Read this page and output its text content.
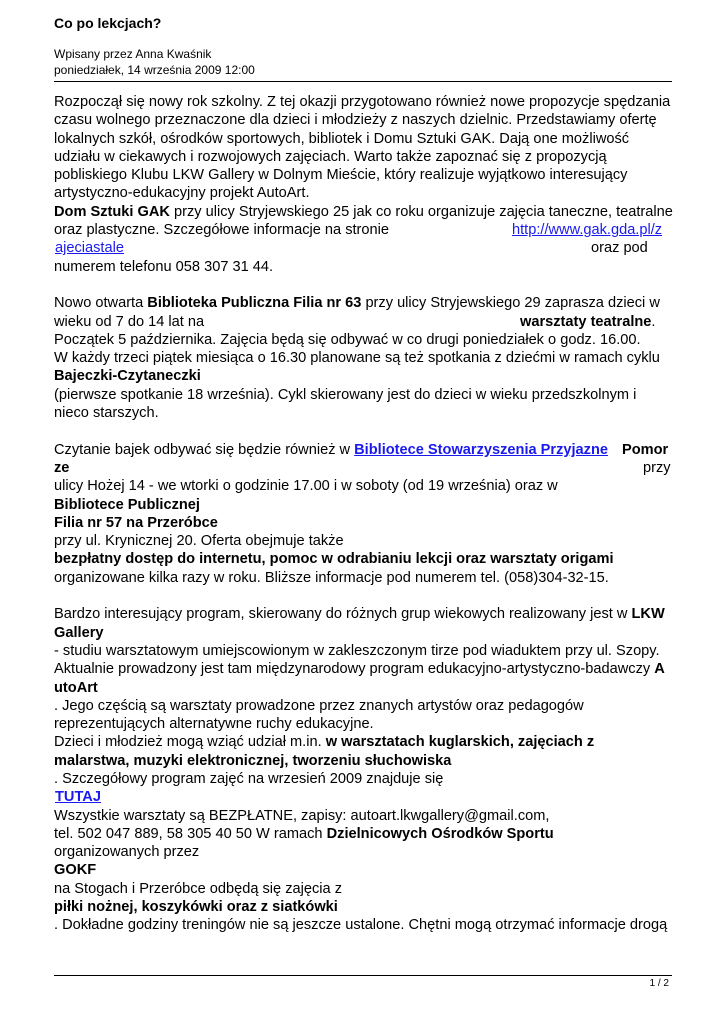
Co po lekcjach?
Wpisany przez Anna Kwaśnik
poniedziałek, 14 września 2009 12:00
Rozpoczął się nowy rok szkolny. Z tej okazji przygotowano również nowe propozycje spędzania
czasu wolnego przeznaczone dla dzieci i młodzieży z naszych dzielnic. Przedstawiamy ofertę
lokalnych szkół, ośrodków sportowych, bibliotek i Domu Sztuki GAK. Dają one możliwość
udziału w ciekawych i rozwojowych zajęciach. Warto także zapoznać się z propozycją
pobliskiego Klubu LKW Gallery w Dolnym Mieście, który realizuje wyjątkowo interesujący
artystyczno-edukacyjny projekt AutoArt.
Dom Sztuki GAK przy ulicy Stryjewskiego 25 jak co roku organizuje zajęcia taneczne, teatralne
oraz plastyczne. Szczegółowe informacje na stronie	http://www.gak.gda.pl/z
ajeciastale	oraz pod
numerem telefonu 058 307 31 44.
Nowo otwarta Biblioteka Publiczna Filia nr 63 przy ulicy Stryjewskiego 29 zaprasza dzieci w
wieku od 7 do 14 lat na	warsztaty teatralne.
Początek 5 października. Zajęcia będą się odbywać w co drugi poniedziałek o godz. 16.00.
W każdy trzeci piątek miesiąca o 16.30 planowane są też spotkania z dziećmi w ramach cyklu
Bajeczki-Czytaneczki
(pierwsze spotkanie 18 września). Cykl skierowany jest do dzieci w wieku przedszkolnym i
nieco starszych.
Czytanie bajek odbywać się będzie również w Bibliotece Stowarzyszenia Przyjazne Pomor
ze	przy
ulicy Hożej 14 - we wtorki o godzinie 17.00 i w soboty (od 19 września) oraz w
Bibliotece Publicznej
Filia nr 57 na Przeróbce
przy ul. Krynicznej 20. Oferta obejmuje także
bezpłatny dostęp do internetu, pomoc w odrabianiu lekcji oraz warsztaty origami
organizowane kilka razy w roku. Bliższe informacje pod numerem tel. (058)304-32-15.
Bardzo interesujący program, skierowany do różnych grup wiekowych realizowany jest w LKW
Gallery
- studiu warsztatowym umiejscowionym w zakleszczonym tirze pod wiaduktem przy ul. Szopy.
Aktualnie prowadzony jest tam międzynarodowy program edukacyjno-artystyczno-badawczy A
utoArt
. Jego częścią są warsztaty prowadzone przez znanych artystów oraz pedagogów
reprezentujących alternatywne ruchy edukacyjne.
Dzieci i młodzież mogą wziąć udział m.in. w warsztatach kuglarskich, zajęciach z
malarstwa, muzyki elektronicznej, tworzeniu słuchowiska
. Szczegółowy program zajęć na wrzesień 2009 znajduje się
TUTAJ
Wszystkie warsztaty są BEZPŁATNE, zapisy: autoart.lkwgallery@gmail.com,
tel. 502 047 889, 58 305 40 50 W ramach Dzielnicowych Ośrodków Sportu
organizowanych przez
GOKF
na Stogach i Przeróbce odbędą się zajęcia z
piłki nożnej, koszykówki oraz z siatkówki
. Dokładne godziny treningów nie są jeszcze ustalone. Chętni mogą otrzymać informacje drogą
1 / 2
